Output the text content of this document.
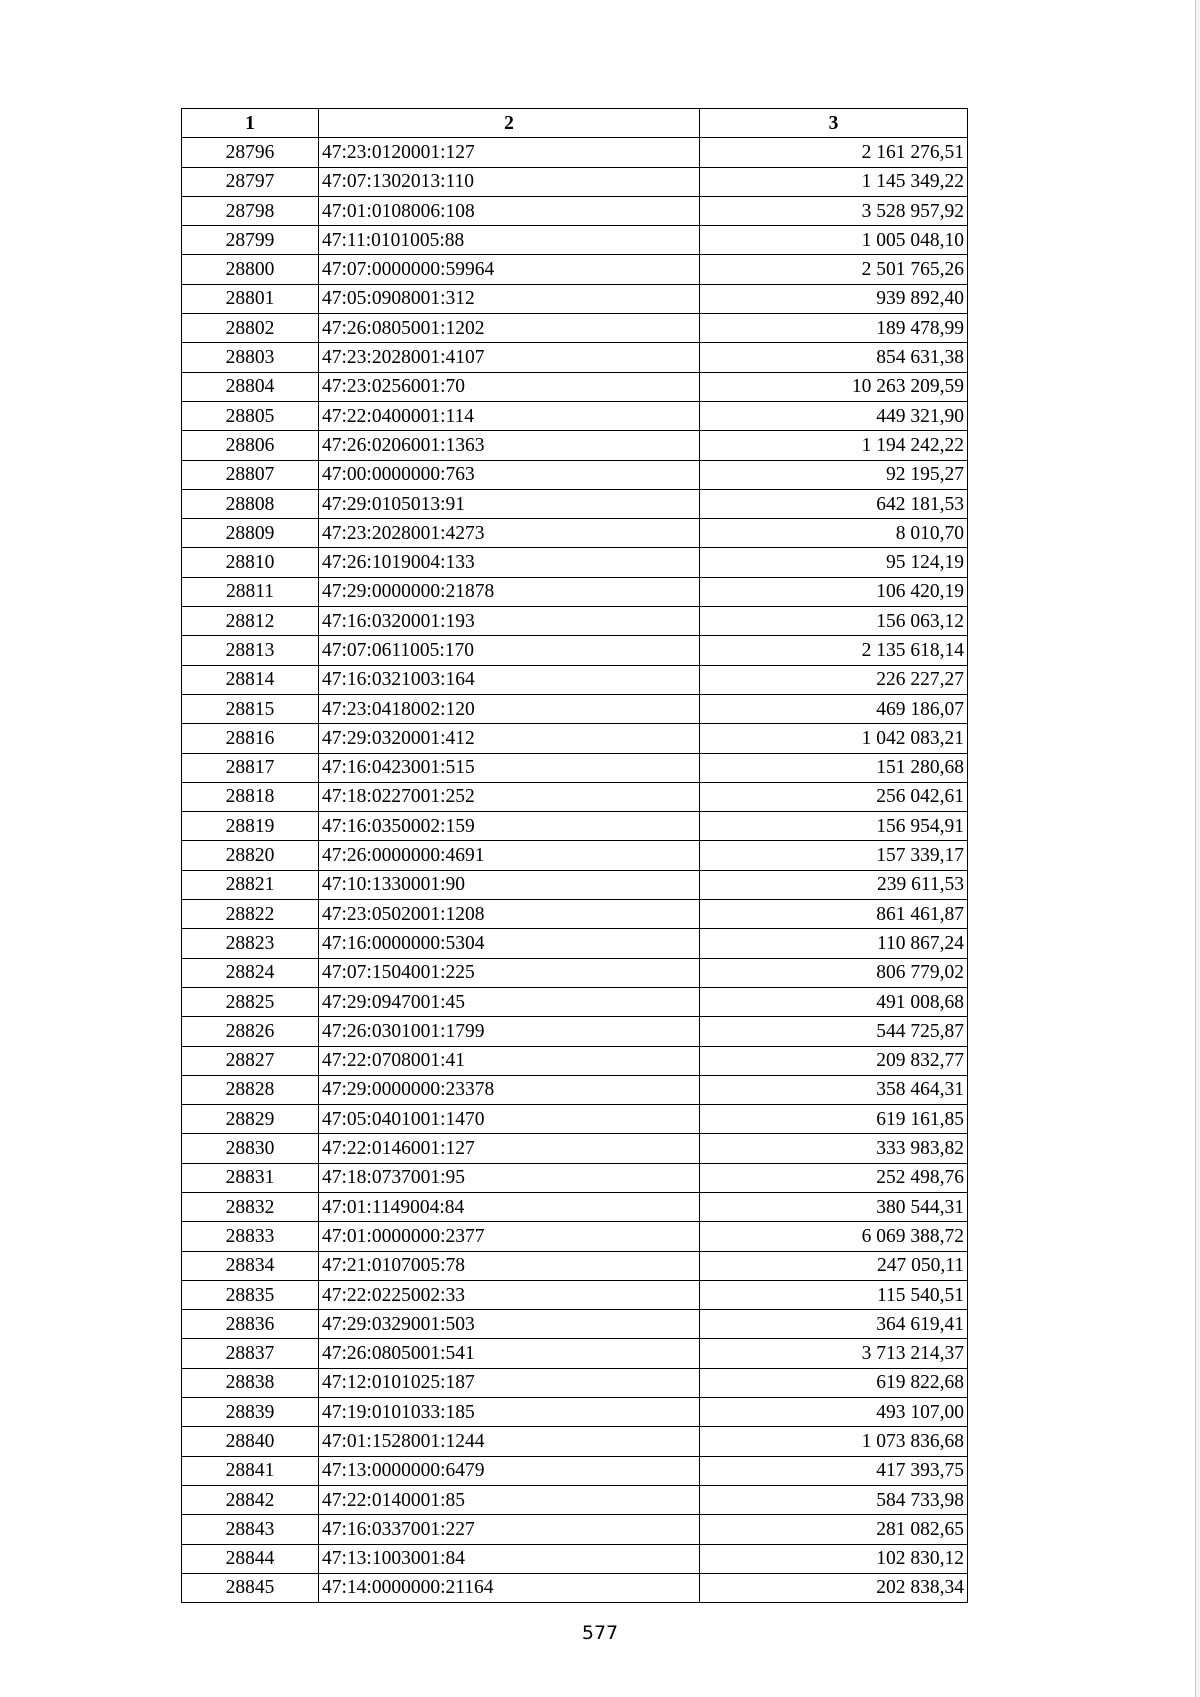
1	2	3
28796	47:23:0120001:127	2 161 276,51
28797	47:07:1302013:110	1 145 349,22
28798	47:01:0108006:108	3 528 957,92
28799	47:11:0101005:88	1 005 048,10
28800	47:07:0000000:59964	2 501 765,26
28801	47:05:0908001:312	939 892,40
28802	47:26:0805001:1202	189 478,99
28803	47:23:2028001:4107	854 631,38
28804	47:23:0256001:70	10 263 209,59
28805	47:22:0400001:114	449 321,90
28806	47:26:0206001:1363	1 194 242,22
28807	47:00:0000000:763	92 195,27
28808	47:29:0105013:91	642 181,53
28809	47:23:2028001:4273	8 010,70
28810	47:26:1019004:133	95 124,19
28811	47:29:0000000:21878	106 420,19
28812	47:16:0320001:193	156 063,12
28813	47:07:0611005:170	2 135 618,14
28814	47:16:0321003:164	226 227,27
28815	47:23:0418002:120	469 186,07
28816	47:29:0320001:412	1 042 083,21
28817	47:16:0423001:515	151 280,68
28818	47:18:0227001:252	256 042,61
28819	47:16:0350002:159	156 954,91
28820	47:26:0000000:4691	157 339,17
28821	47:10:1330001:90	239 611,53
28822	47:23:0502001:1208	861 461,87
28823	47:16:0000000:5304	110 867,24
28824	47:07:1504001:225	806 779,02
28825	47:29:0947001:45	491 008,68
28826	47:26:0301001:1799	544 725,87
28827	47:22:0708001:41	209 832,77
28828	47:29:0000000:23378	358 464,31
28829	47:05:0401001:1470	619 161,85
28830	47:22:0146001:127	333 983,82
28831	47:18:0737001:95	252 498,76
28832	47:01:1149004:84	380 544,31
28833	47:01:0000000:2377	6 069 388,72
28834	47:21:0107005:78	247 050,11
28835	47:22:0225002:33	115 540,51
28836	47:29:0329001:503	364 619,41
28837	47:26:0805001:541	3 713 214,37
28838	47:12:0101025:187	619 822,68
28839	47:19:0101033:185	493 107,00
28840	47:01:1528001:1244	1 073 836,68
28841	47:13:0000000:6479	417 393,75
28842	47:22:0140001:85	584 733,98
28843	47:16:0337001:227	281 082,65
28844	47:13:1003001:84	102 830,12
28845	47:14:0000000:21164	202 838,34
577
